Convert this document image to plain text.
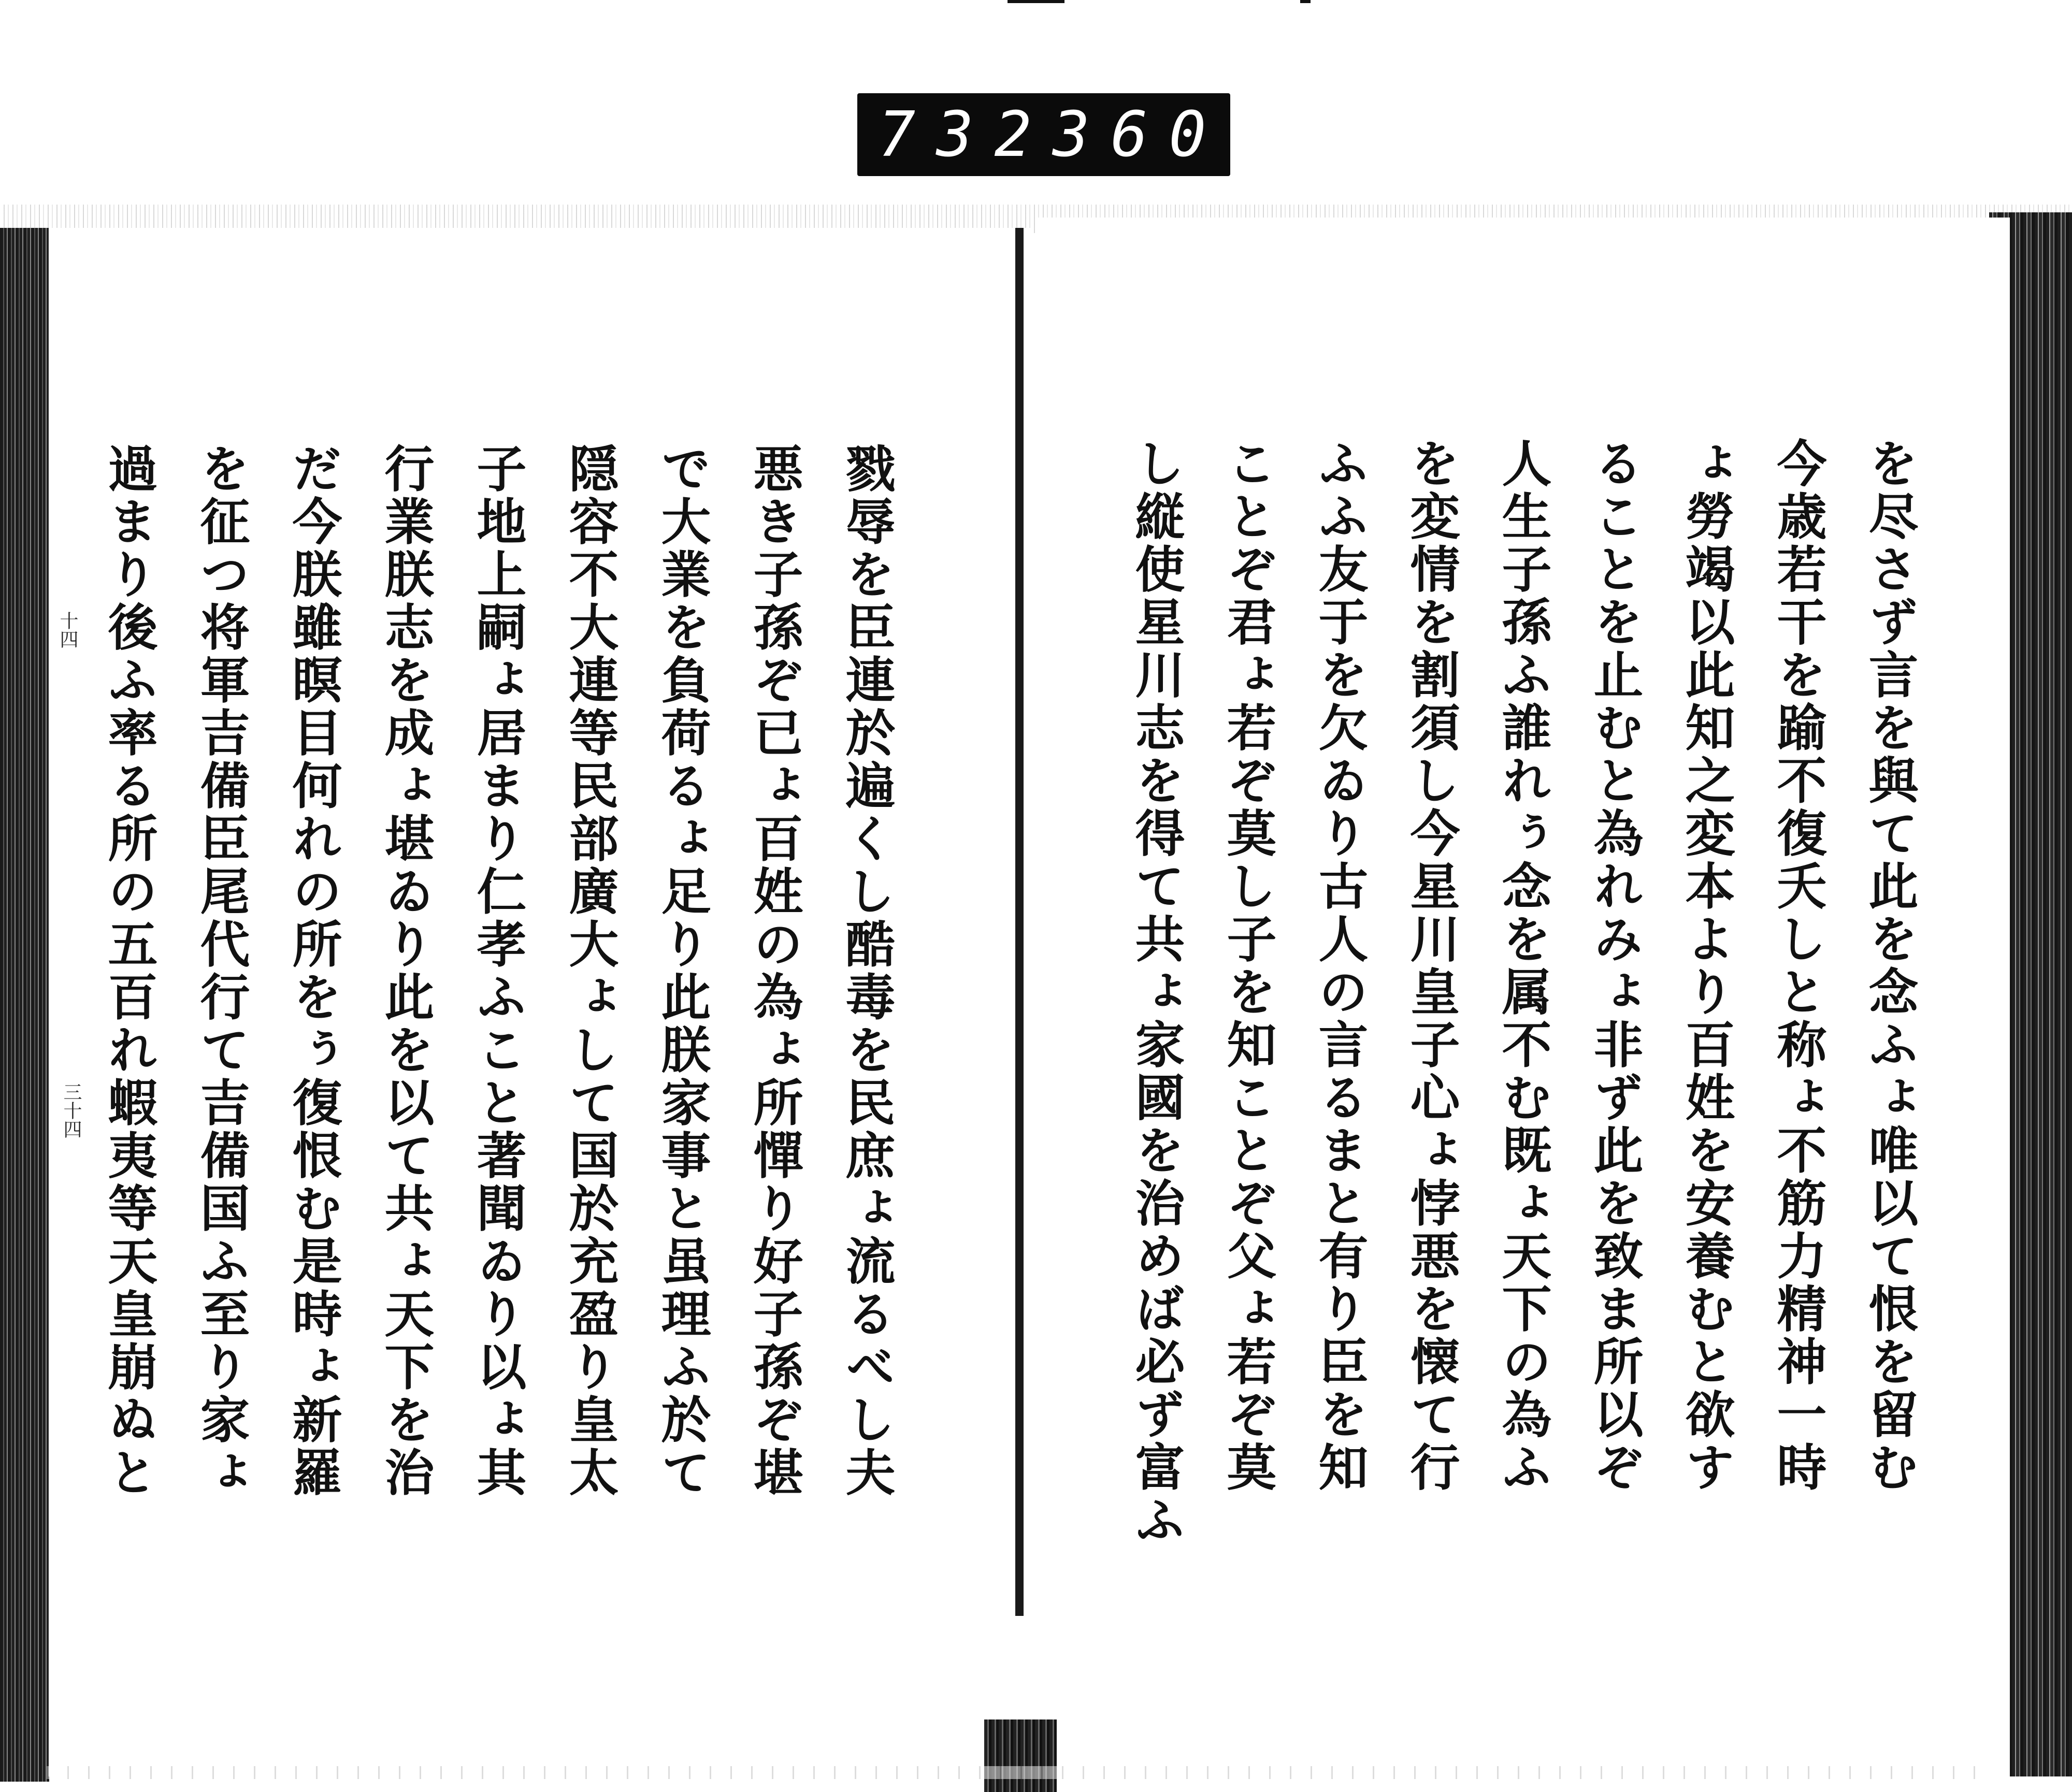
732 360.
十四
三十四	戮辱を臣連於遍くし酷毒を民庶ょ流るべし夫
悪き子孫ぞ已ょ百姓の為ょ所憚り好子孫ぞ堪
で大業を負荷るょ足り此朕家事と虽理ふ於て
隠容不大連等民部廣大ょして国於充盈り皇太
子地上嗣ょ居まり仁孝ふこと著聞ゐり以ょ其
行業朕志を成ょ堪ゐり此を以て共ょ天下を治
だ今朕雖瞑目何れの所をぅ復恨む是時ょ新羅
を征つ将軍吉備臣尾代行て吉備国ふ至り家ょ
過まり後ふ率る所の五百れ蝦夷等天皇崩ぬと	を尽さず言を與て此を念ふょ唯以て恨を留む
今歳若干を踰不復夭しと称ょ不筋力精神一時
ょ勞竭以此知之変本より百姓を安養むと欲す
ることを止むと為れみょ非ず此を致ま所以ぞ
人生子孫ふ誰れぅ念を属不む既ょ天下の為ふ
を変情を割須し今星川皇子心ょ悖悪を懐て行
ふふ友于を欠ゐり古人の言るまと有り臣を知
ことぞ君ょ若ぞ莫し子を知ことぞ父ょ若ぞ莫
し縦使星川志を得て共ょ家國を治めば必ず富ふ
